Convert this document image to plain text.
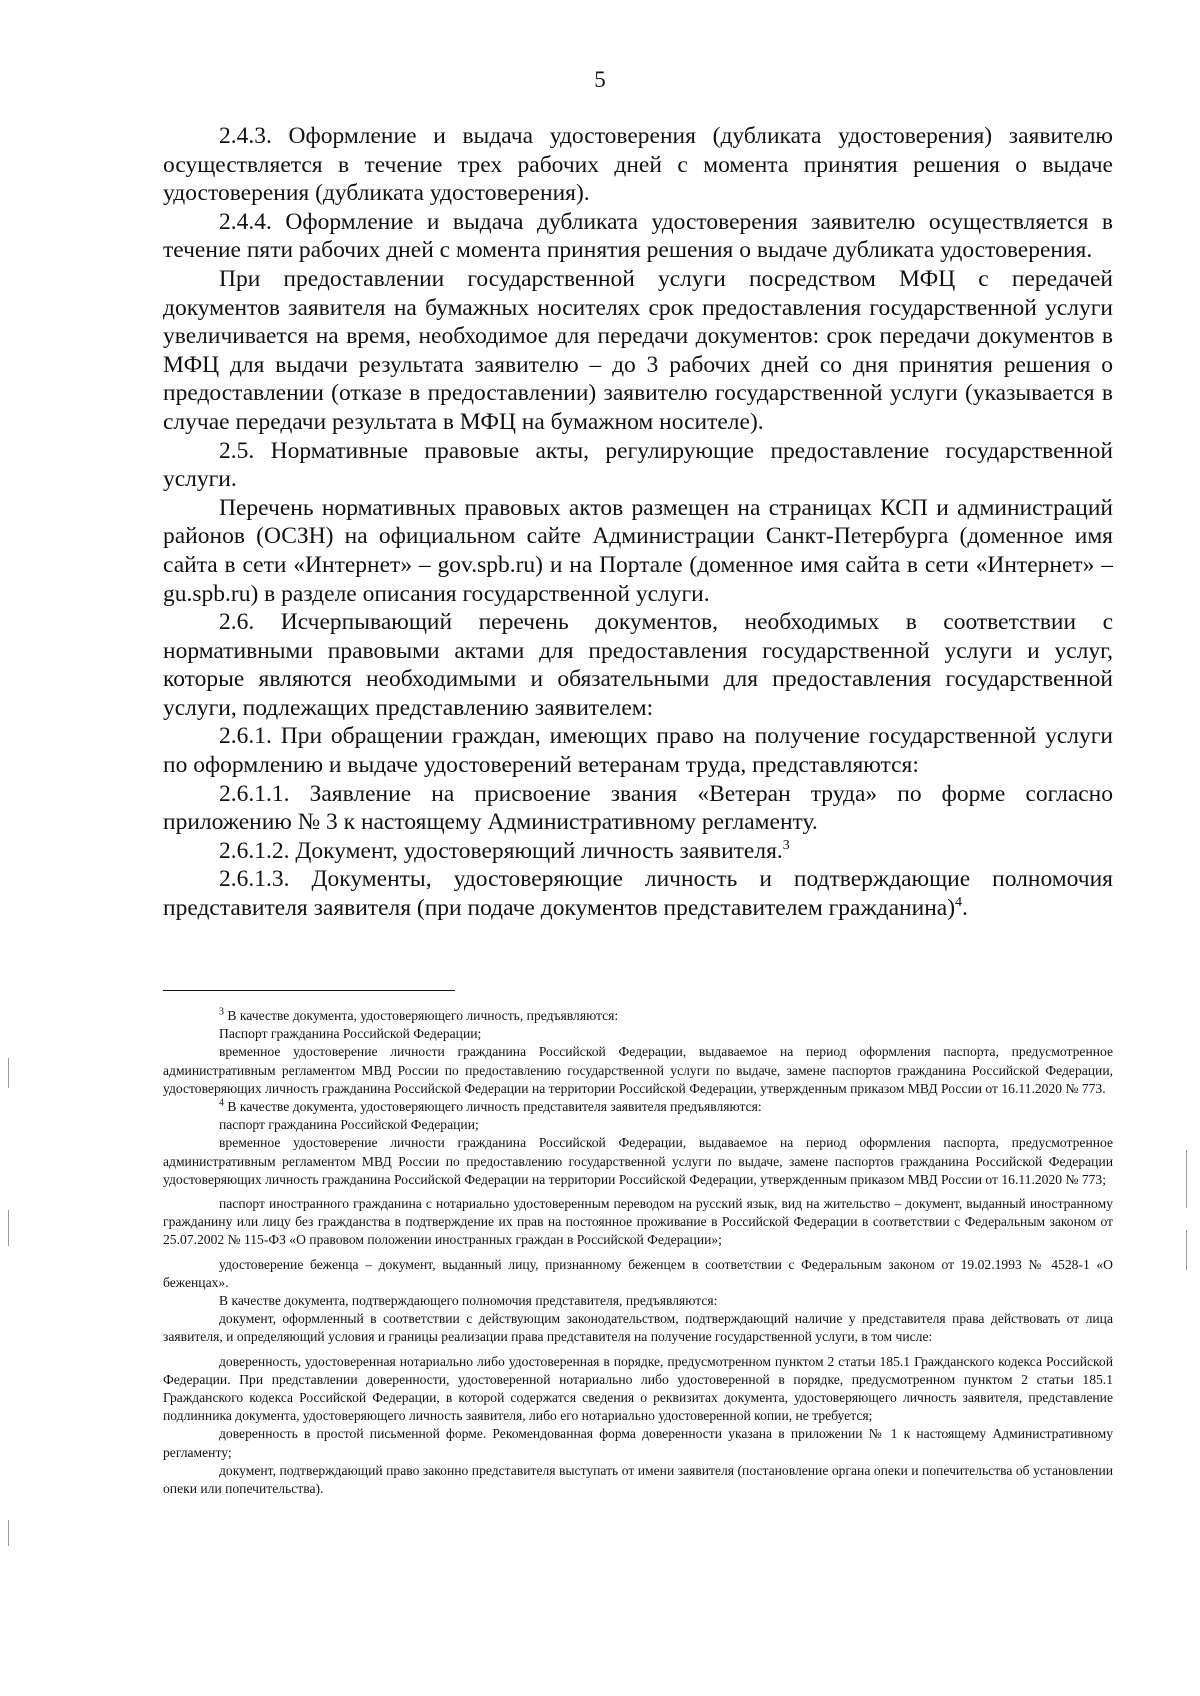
5

2.4.3. Оформление и выдача удостоверения (дубликата удостоверения) заявителю осуществляется в течение трех рабочих дней с момента принятия решения о выдаче удостоверения (дубликата удостоверения).

2.4.4. Оформление и выдача дубликата удостоверения заявителю осуществляется в течение пяти рабочих дней с момента принятия решения о выдаче дубликата удостоверения.

При предоставлении государственной услуги посредством МФЦ с передачей документов заявителя на бумажных носителях срок предоставления государственной услуги увеличивается на время, необходимое для передачи документов: срок передачи документов в МФЦ для выдачи результата заявителю – до 3 рабочих дней со дня принятия решения о предоставлении (отказе в предоставлении) заявителю государственной услуги (указывается в случае передачи результата в МФЦ на бумажном носителе).

2.5. Нормативные правовые акты, регулирующие предоставление государственной услуги.

Перечень нормативных правовых актов размещен на страницах КСП и администраций районов (ОСЗН) на официальном сайте Администрации Санкт-Петербурга (доменное имя сайта в сети «Интернет» – gov.spb.ru) и на Портале (доменное имя сайта в сети «Интернет» – gu.spb.ru) в разделе описания государственной услуги.

2.6. Исчерпывающий перечень документов, необходимых в соответствии с нормативными правовыми актами для предоставления государственной услуги и услуг, которые являются необходимыми и обязательными для предоставления государственной услуги, подлежащих представлению заявителем:

2.6.1. При обращении граждан, имеющих право на получение государственной услуги по оформлению и выдаче удостоверений ветеранам труда, представляются:

2.6.1.1. Заявление на присвоение звания «Ветеран труда» по форме согласно приложению № 3 к настоящему Административному регламенту.

2.6.1.2. Документ, удостоверяющий личность заявителя.$^3$

2.6.1.3. Документы, удостоверяющие личность и подтверждающие полномочия представителя заявителя (при подаче документов представителем гражданина)$^4$.

$^3$ В качестве документа, удостоверяющего личность, предъявляются:

Паспорт гражданина Российской Федерации;

временное удостоверение личности гражданина Российской Федерации, выдаваемое на период оформления паспорта, предусмотренное административным регламентом МВД России по предоставлению государственной услуги по выдаче, замене паспортов гражданина Российской Федерации, удостоверяющих личность гражданина Российской Федерации на территории Российской Федерации, утвержденным приказом МВД России от 16.11.2020 № 773.

$^4$ В качестве документа, удостоверяющего личность представителя заявителя предъявляются:

паспорт гражданина Российской Федерации;

временное удостоверение личности гражданина Российской Федерации, выдаваемое на период оформления паспорта, предусмотренное административным регламентом МВД России по предоставлению государственной услуги по выдаче, замене паспортов гражданина Российской Федерации удостоверяющих личность гражданина Российской Федерации на территории Российской Федерации, утвержденным приказом МВД России от 16.11.2020 № 773;

паспорт иностранного гражданина с нотариально удостоверенным переводом на русский язык, вид на жительство – документ, выданный иностранному гражданину или лицу без гражданства в подтверждение их прав на постоянное проживание в Российской Федерации в соответствии с Федеральным законом от 25.07.2002 № 115-ФЗ «О правовом положении иностранных граждан в Российской Федерации»;

удостоверение беженца – документ, выданный лицу, признанному беженцем в соответствии с Федеральным законом от 19.02.1993 № 4528-1 «О беженцах».

В качестве документа, подтверждающего полномочия представителя, предъявляются:

документ, оформленный в соответствии с действующим законодательством, подтверждающий наличие у представителя права действовать от лица заявителя, и определяющий условия и границы реализации права представителя на получение государственной услуги, в том числе:

доверенность, удостоверенная нотариально либо удостоверенная в порядке, предусмотренном пунктом 2 статьи 185.1 Гражданского кодекса Российской Федерации. При представлении доверенности, удостоверенной нотариально либо удостоверенной в порядке, предусмотренном пунктом 2 статьи 185.1 Гражданского кодекса Российской Федерации, в которой содержатся сведения о реквизитах документа, удостоверяющего личность заявителя, представление подлинника документа, удостоверяющего личность заявителя, либо его нотариально удостоверенной копии, не требуется;

доверенность в простой письменной форме. Рекомендованная форма доверенности указана в приложении № 1 к настоящему Административному регламенту;

документ, подтверждающий право законно представителя выступать от имени заявителя (постановление органа опеки и попечительства об установлении опеки или попечительства).
